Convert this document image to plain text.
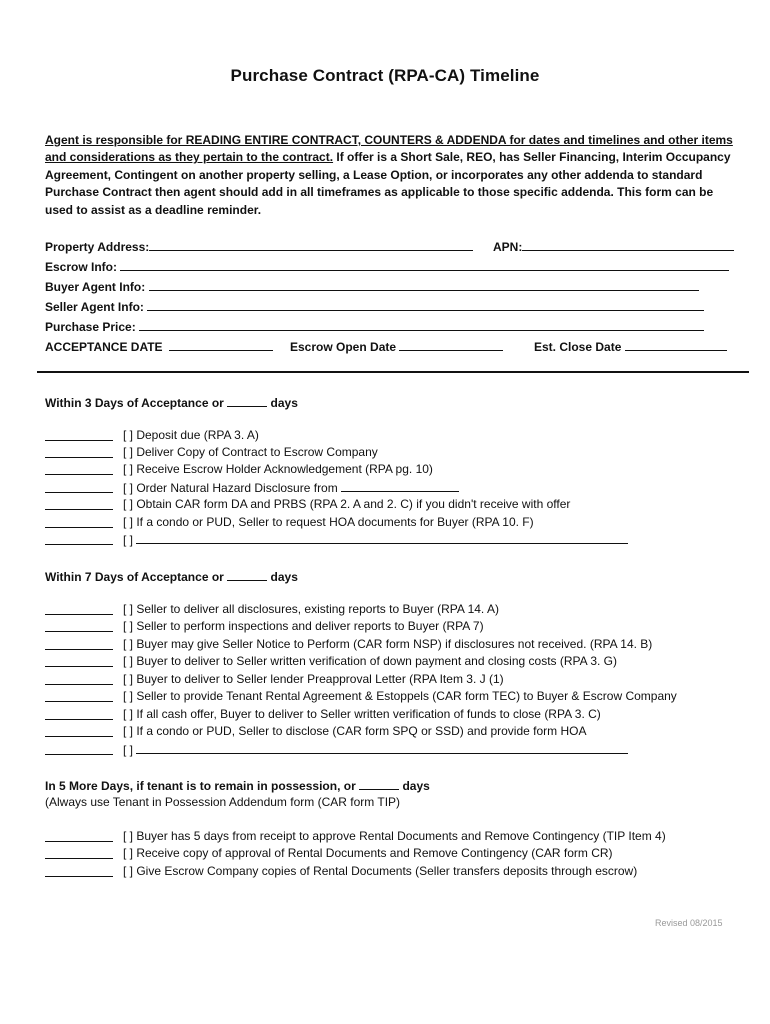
Purchase Contract (RPA-CA) Timeline
Agent is responsible for READING ENTIRE CONTRACT, COUNTERS & ADDENDA for dates and timelines and other items and considerations as they pertain to the contract. If offer is a Short Sale, REO, has Seller Financing, Interim Occupancy Agreement, Contingent on another property selling, a Lease Option, or incorporates any other addenda to standard Purchase Contract then agent should add in all timeframes as applicable to those specific addenda. This form can be used to assist as a deadline reminder.
Property Address:	APN:
Escrow Info:
Buyer Agent Info:
Seller Agent Info:
Purchase Price:
ACCEPTANCE DATE	Escrow Open Date	Est. Close Date
Within 3 Days of Acceptance or	days
[ ] Deposit due (RPA 3. A)
[ ] Deliver Copy of Contract to Escrow Company
[ ] Receive Escrow Holder Acknowledgement (RPA pg. 10)
[ ] Order Natural Hazard Disclosure from
[ ] Obtain CAR form DA and PRBS (RPA 2. A and 2. C) if you didn't receive with offer
[ ] If a condo or PUD, Seller to request HOA documents for Buyer (RPA 10. F)
[ ]
Within 7 Days of Acceptance or	days
[ ] Seller to deliver all disclosures, existing reports to Buyer (RPA 14. A)
[ ] Seller to perform inspections and deliver reports to Buyer (RPA 7)
[ ] Buyer may give Seller Notice to Perform (CAR form NSP) if disclosures not received. (RPA 14. B)
[ ] Buyer to deliver to Seller written verification of down payment and closing costs (RPA 3. G)
[ ] Buyer to deliver to Seller lender Preapproval Letter (RPA Item 3. J (1)
[ ] Seller to provide Tenant Rental Agreement & Estoppels (CAR form TEC) to Buyer & Escrow Company
[ ] If all cash offer, Buyer to deliver to Seller written verification of funds to close (RPA 3. C)
[ ] If a condo or PUD, Seller to disclose (CAR form SPQ or SSD) and provide form HOA
[ ]
In 5 More Days, if tenant is to remain in possession, or	days
(Always use Tenant in Possession Addendum form (CAR form TIP)
[ ] Buyer has 5 days from receipt to approve Rental Documents and Remove Contingency (TIP Item 4)
[ ] Receive copy of approval of Rental Documents and Remove Contingency (CAR form CR)
[ ] Give Escrow Company copies of Rental Documents (Seller transfers deposits through escrow)
Revised 08/2015
